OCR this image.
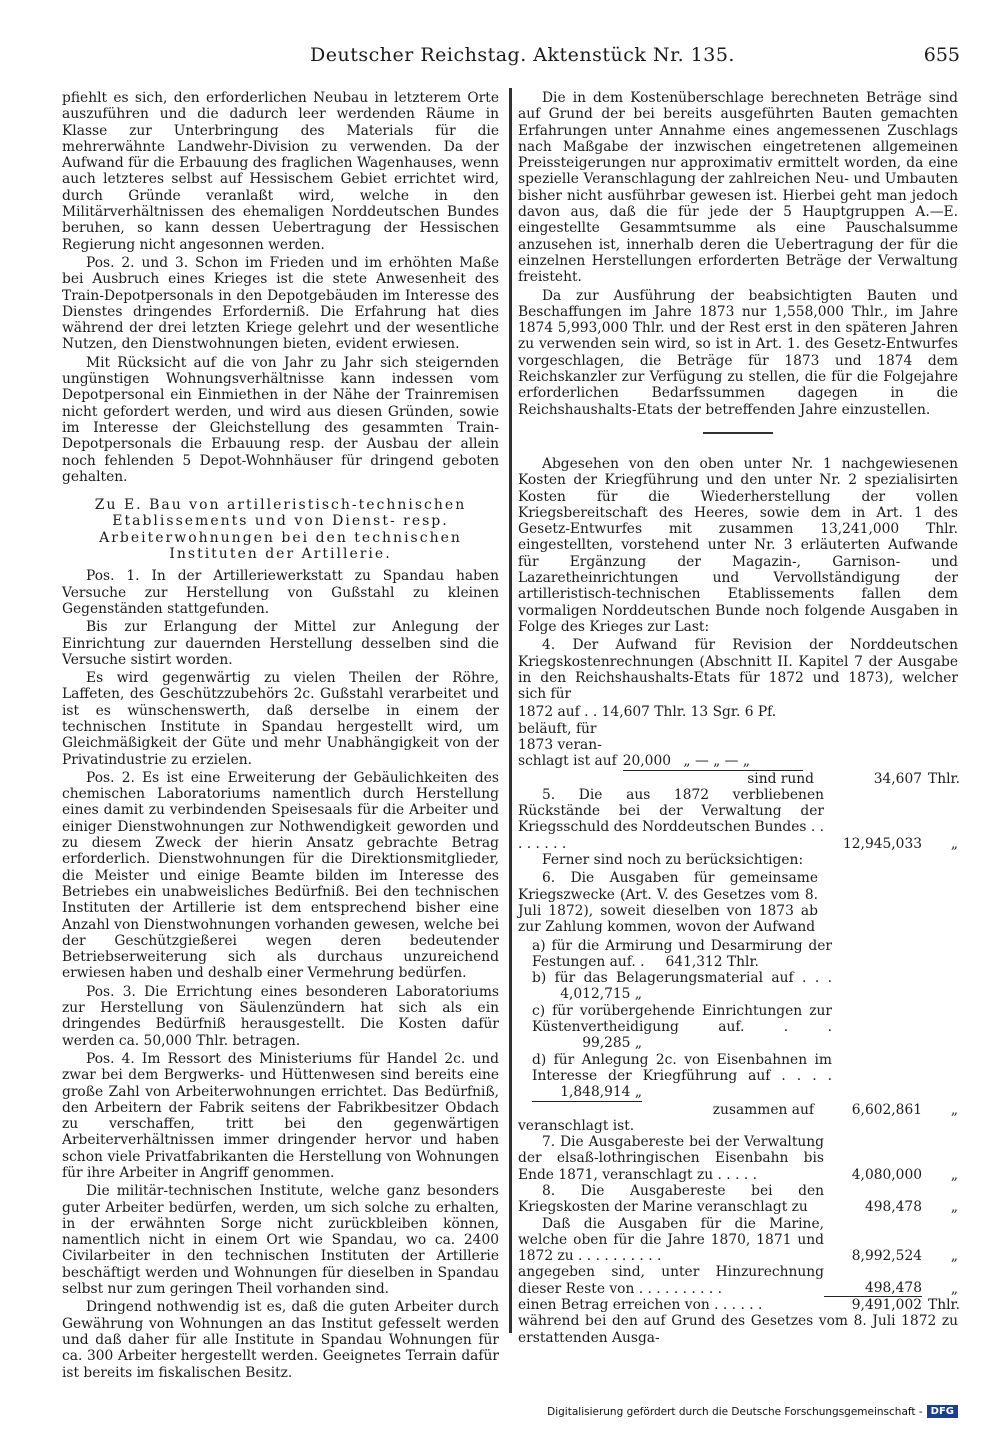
Deutscher Reichstag. Aktenstück Nr. 135.	655

pfiehlt es sich, den erforderlichen Neubau in letzterem Orte auszuführen und die dadurch leer werdenden Räume in Klasse zur Unterbringung des Materials für die mehrerwähnte Landwehr-Division zu verwenden. Da der Aufwand für die Erbauung des fraglichen Wagenhauses, wenn auch letzteres selbst auf Hessischem Gebiet errichtet wird, durch Gründe veranlaßt wird, welche in den Militärverhältnissen des ehemaligen Norddeutschen Bundes beruhen, so kann dessen Uebertragung der Hessischen Regierung nicht angesonnen werden.

Pos. 2. und 3. Schon im Frieden und im erhöhten Maße bei Ausbruch eines Krieges ist die stete Anwesenheit des Train-Depotpersonals in den Depotgebäuden im Interesse des Dienstes dringendes Erforderniß. Die Erfahrung hat dies während der drei letzten Kriege gelehrt und der wesentliche Nutzen, den Dienstwohnungen bieten, evident erwiesen.

Mit Rücksicht auf die von Jahr zu Jahr sich steigernden ungünstigen Wohnungsverhältnisse kann indessen vom Depotpersonal ein Einmiethen in der Nähe der Trainremisen nicht gefordert werden, und wird aus diesen Gründen, sowie im Interesse der Gleichstellung des gesammten Train-Depotpersonals die Erbauung resp. der Ausbau der allein noch fehlenden 5 Depot-Wohnhäuser für dringend geboten gehalten.

Zu E. Bau von artilleristisch-technischen Etablissements und von Dienst- resp. Arbeiterwohnungen bei den technischen Instituten der Artillerie.

Pos. 1. In der Artilleriewerkstatt zu Spandau haben Versuche zur Herstellung von Gußstahl zu kleinen Gegenständen stattgefunden.

Bis zur Erlangung der Mittel zur Anlegung der Einrichtung zur dauernden Herstellung desselben sind die Versuche sistirt worden.

Es wird gegenwärtig zu vielen Theilen der Röhre, Laffeten, des Geschützzubehörs 2c. Gußstahl verarbeitet und ist es wünschenswerth, daß derselbe in einem der technischen Institute in Spandau hergestellt wird, um Gleichmäßigkeit der Güte und mehr Unabhängigkeit von der Privatindustrie zu erzielen.

Pos. 2. Es ist eine Erweiterung der Gebäulichkeiten des chemischen Laboratoriums namentlich durch Herstellung eines damit zu verbindenden Speisesaals für die Arbeiter und einiger Dienstwohnungen zur Nothwendigkeit geworden und zu diesem Zweck der hierin Ansatz gebrachte Betrag erforderlich. Dienstwohnungen für die Direktionsmitglieder, die Meister und einige Beamte bilden im Interesse des Betriebes ein unabweisliches Bedürfniß. Bei den technischen Instituten der Artillerie ist dem entsprechend bisher eine Anzahl von Dienstwohnungen vorhanden gewesen, welche bei der Geschützgießerei wegen deren bedeutender Betriebserweiterung sich als durchaus unzureichend erwiesen haben und deshalb einer Vermehrung bedürfen.

Pos. 3. Die Errichtung eines besonderen Laboratoriums zur Herstellung von Säulenzündern hat sich als ein dringendes Bedürfniß herausgestellt. Die Kosten dafür werden ca. 50,000 Thlr. betragen.

Pos. 4. Im Ressort des Ministeriums für Handel 2c. und zwar bei dem Bergwerks- und Hüttenwesen sind bereits eine große Zahl von Arbeiterwohnungen errichtet. Das Bedürfniß, den Arbeitern der Fabrik seitens der Fabrikbesitzer Obdach zu verschaffen, tritt bei den gegenwärtigen Arbeiterverhältnissen immer dringender hervor und haben schon viele Privatfabrikanten die Herstellung von Wohnungen für ihre Arbeiter in Angriff genommen.

Die militär-technischen Institute, welche ganz besonders guter Arbeiter bedürfen, werden, um sich solche zu erhalten, in der erwähnten Sorge nicht zurückbleiben können, namentlich nicht in einem Ort wie Spandau, wo ca. 2400 Civilarbeiter in den technischen Instituten der Artillerie beschäftigt werden und Wohnungen für dieselben in Spandau selbst nur zum geringen Theil vorhanden sind.

Dringend nothwendig ist es, daß die guten Arbeiter durch Gewährung von Wohnungen an das Institut gefesselt werden und daß daher für alle Institute in Spandau Wohnungen für ca. 300 Arbeiter hergestellt werden. Geeignetes Terrain dafür ist bereits im fiskalischen Besitz.

Die in dem Kostenüberschlage berechneten Beträge sind auf Grund der bei bereits ausgeführten Bauten gemachten Erfahrungen unter Annahme eines angemessenen Zuschlags nach Maßgabe der inzwischen eingetretenen allgemeinen Preissteigerungen nur approximativ ermittelt worden, da eine spezielle Veranschlagung der zahlreichen Neu- und Umbauten bisher nicht ausführbar gewesen ist. Hierbei geht man jedoch davon aus, daß die für jede der 5 Hauptgruppen A.—E. eingestellte Gesammtsumme als eine Pauschalsumme anzusehen ist, innerhalb deren die Uebertragung der für die einzelnen Herstellungen erforderten Beträge der Verwaltung freisteht.

Da zur Ausführung der beabsichtigten Bauten und Beschaffungen im Jahre 1873 nur 1,558,000 Thlr., im Jahre 1874 5,993,000 Thlr. und der Rest erst in den späteren Jahren zu verwenden sein wird, so ist in Art. 1. des Gesetz-Entwurfes vorgeschlagen, die Beträge für 1873 und 1874 dem Reichskanzler zur Verfügung zu stellen, die für die Folgejahre erforderlichen Bedarfssummen dagegen in die Reichshaushalts-Etats der betreffenden Jahre einzustellen.

Abgesehen von den oben unter Nr. 1 nachgewiesenen Kosten der Kriegführung und den unter Nr. 2 spezialisirten Kosten für die Wiederherstellung der vollen Kriegsbereitschaft des Heeres, sowie dem in Art. 1 des Gesetz-Entwurfes mit zusammen 13,241,000 Thlr. eingestellten, vorstehend unter Nr. 3 erläuterten Aufwande für Ergänzung der Magazin-, Garnison- und Lazaretheinrichtungen und Vervollständigung der artilleristisch-technischen Etablissements fallen dem vormaligen Norddeutschen Bunde noch folgende Ausgaben in Folge des Krieges zur Last:

4. Der Aufwand für Revision der Norddeutschen Kriegskostenrechnungen (Abschnitt II. Kapitel 7 der Ausgabe in den Reichshaushalts-Etats für 1872 und 1873), welcher sich für

1872 auf . . 14,607 Thlr. 13 Sgr. 6 Pf.
beläuft, für
1873 veran-
schlagt ist auf 20,000 „ — „ — „
sind rund	34,607 Thlr.
5. Die aus 1872 verbliebenen Rückstände bei der Verwaltung der Kriegsschuld des Norddeutschen Bundes . . . . . . . .	12,945,033	„

Ferner sind noch zu berücksichtigen:

6. Die Ausgaben für gemeinsame Kriegszwecke (Art. V. des Gesetzes vom 8. Juli 1872), soweit dieselben von 1873 ab zur Zahlung kommen, wovon der Aufwand

a) für die Armirung und Desarmirung der Festungen auf. . 641,312 Thlr.
b) für das Belagerungsmaterial auf . . . 4,012,715 „
c) für vorübergehende Einrichtungen zur Küstenvertheidigung auf. . . 99,285 „
d) für Anlegung 2c. von Eisenbahnen im Interesse der Kriegführung auf . . . . 1,848,914 „
zusammen auf	6,602,861	„
veranschlagt ist.
7. Die Ausgabereste bei der Verwaltung der elsaß-lothringischen Eisenbahn bis Ende 1871, veranschlagt zu . . . . .	4,080,000	„
8. Die Ausgabereste bei den Kriegskosten der Marine veranschlagt zu	498,478	„
Daß die Ausgaben für die Marine, welche oben für die Jahre 1870, 1871 und 1872 zu . . . . . . . . . .	8,992,524	„
angegeben sind, unter Hinzurechnung dieser Reste von . . . . . . . . . .	498,478	„
einen Betrag erreichen von . . . . . .	9,491,002 Thlr.
während bei den auf Grund des Gesetzes vom 8. Juli 1872 zu erstattenden Ausga-
Digitalisierung gefördert durch die Deutsche Forschungsgemeinschaft - DFG
